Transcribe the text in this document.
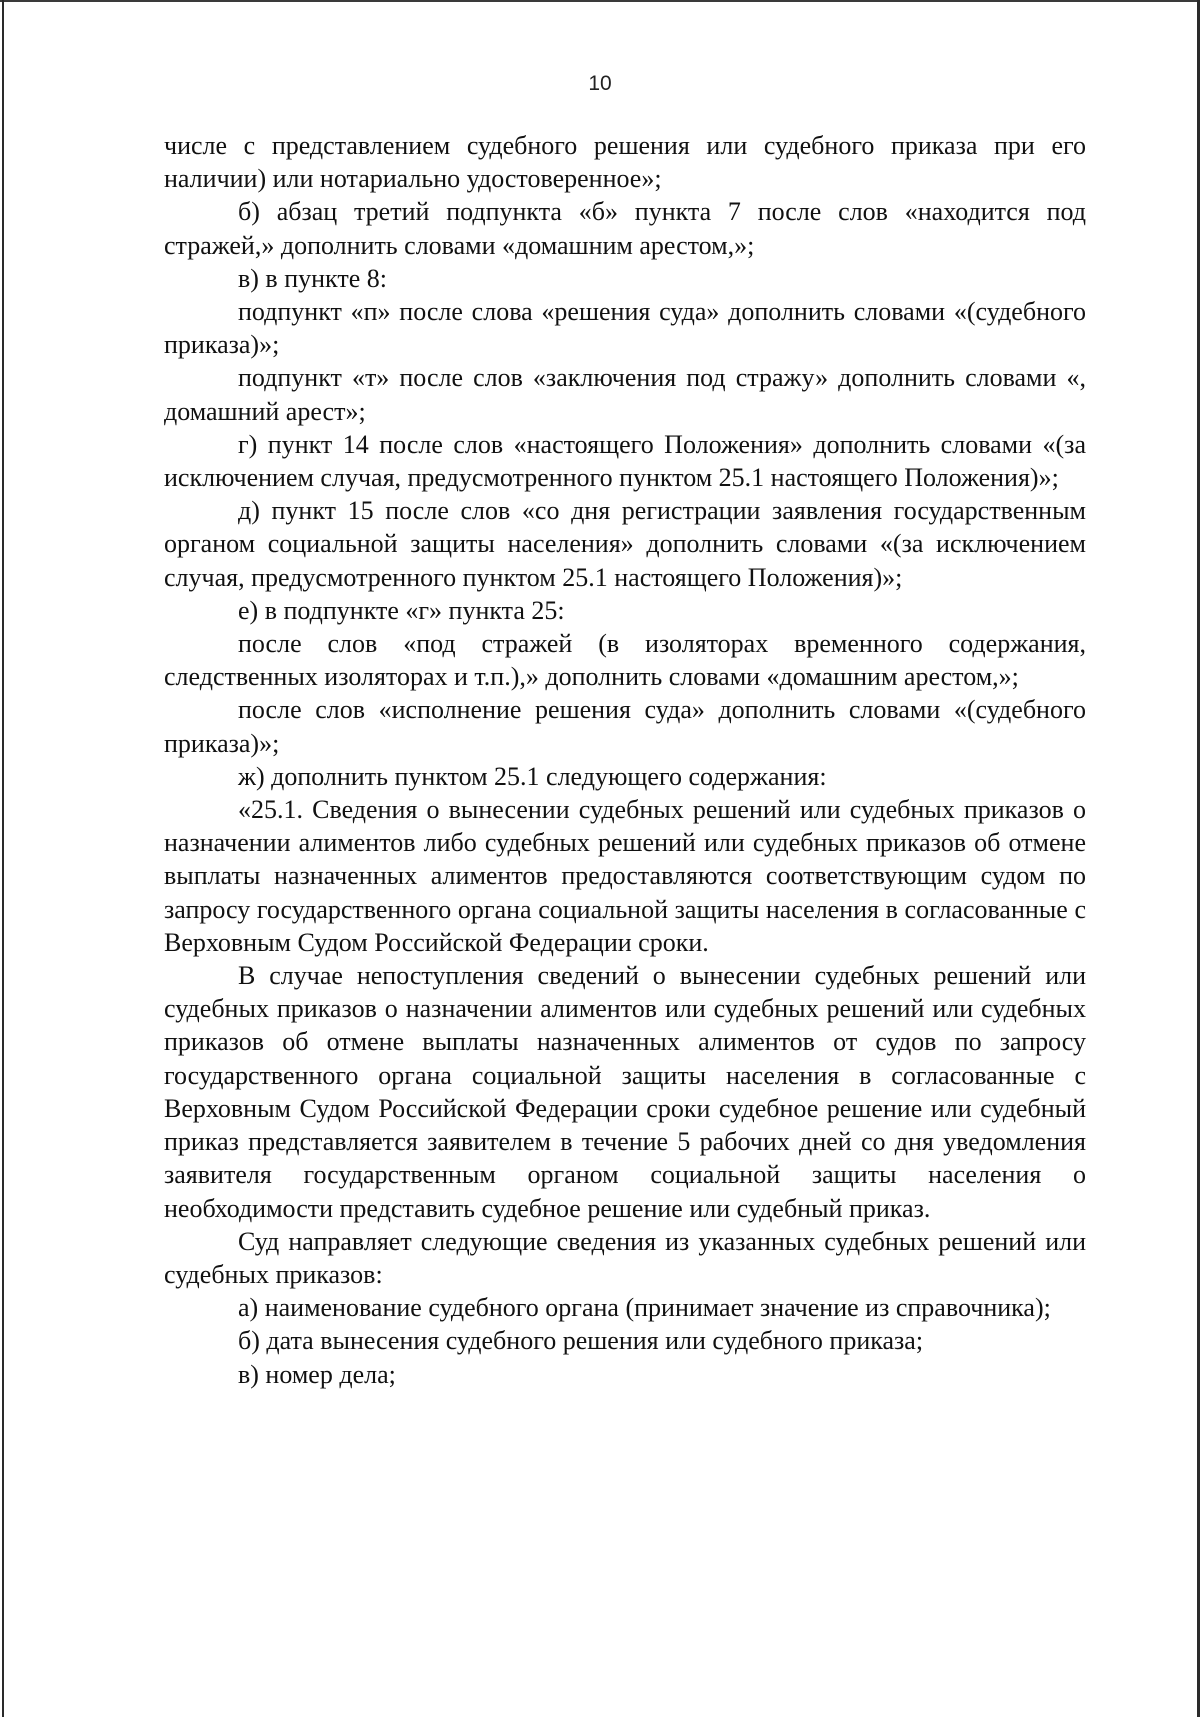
10

числе с представлением судебного решения или судебного приказа при его наличии) или нотариально удостоверенное»;

б) абзац третий подпункта «б» пункта 7 после слов «находится под стражей,» дополнить словами «домашним арестом,»;

в) в пункте 8:

подпункт «п» после слова «решения суда» дополнить словами «(судебного приказа)»;

подпункт «т» после слов «заключения под стражу» дополнить словами «, домашний арест»;

г) пункт 14 после слов «настоящего Положения» дополнить словами «(за исключением случая, предусмотренного пунктом 25.1 настоящего Положения)»;

д) пункт 15 после слов «со дня регистрации заявления государственным органом социальной защиты населения» дополнить словами «(за исключением случая, предусмотренного пунктом 25.1 настоящего Положения)»;

е) в подпункте «г» пункта 25:

после слов «под стражей (в изоляторах временного содержания, следственных изоляторах и т.п.),» дополнить словами «домашним арестом,»;

после слов «исполнение решения суда» дополнить словами «(судебного приказа)»;

ж) дополнить пунктом 25.1 следующего содержания:

«25.1. Сведения о вынесении судебных решений или судебных приказов о назначении алиментов либо судебных решений или судебных приказов об отмене выплаты назначенных алиментов предоставляются соответствующим судом по запросу государственного органа социальной защиты населения в согласованные с Верховным Судом Российской Федерации сроки.

В случае непоступления сведений о вынесении судебных решений или судебных приказов о назначении алиментов или судебных решений или судебных приказов об отмене выплаты назначенных алиментов от судов по запросу государственного органа социальной защиты населения в согласованные с Верховным Судом Российской Федерации сроки судебное решение или судебный приказ представляется заявителем в течение 5 рабочих дней со дня уведомления заявителя государственным органом социальной защиты населения о необходимости представить судебное решение или судебный приказ.

Суд направляет следующие сведения из указанных судебных решений или судебных приказов:

а) наименование судебного органа (принимает значение из справочника);

б) дата вынесения судебного решения или судебного приказа;

в) номер дела;
